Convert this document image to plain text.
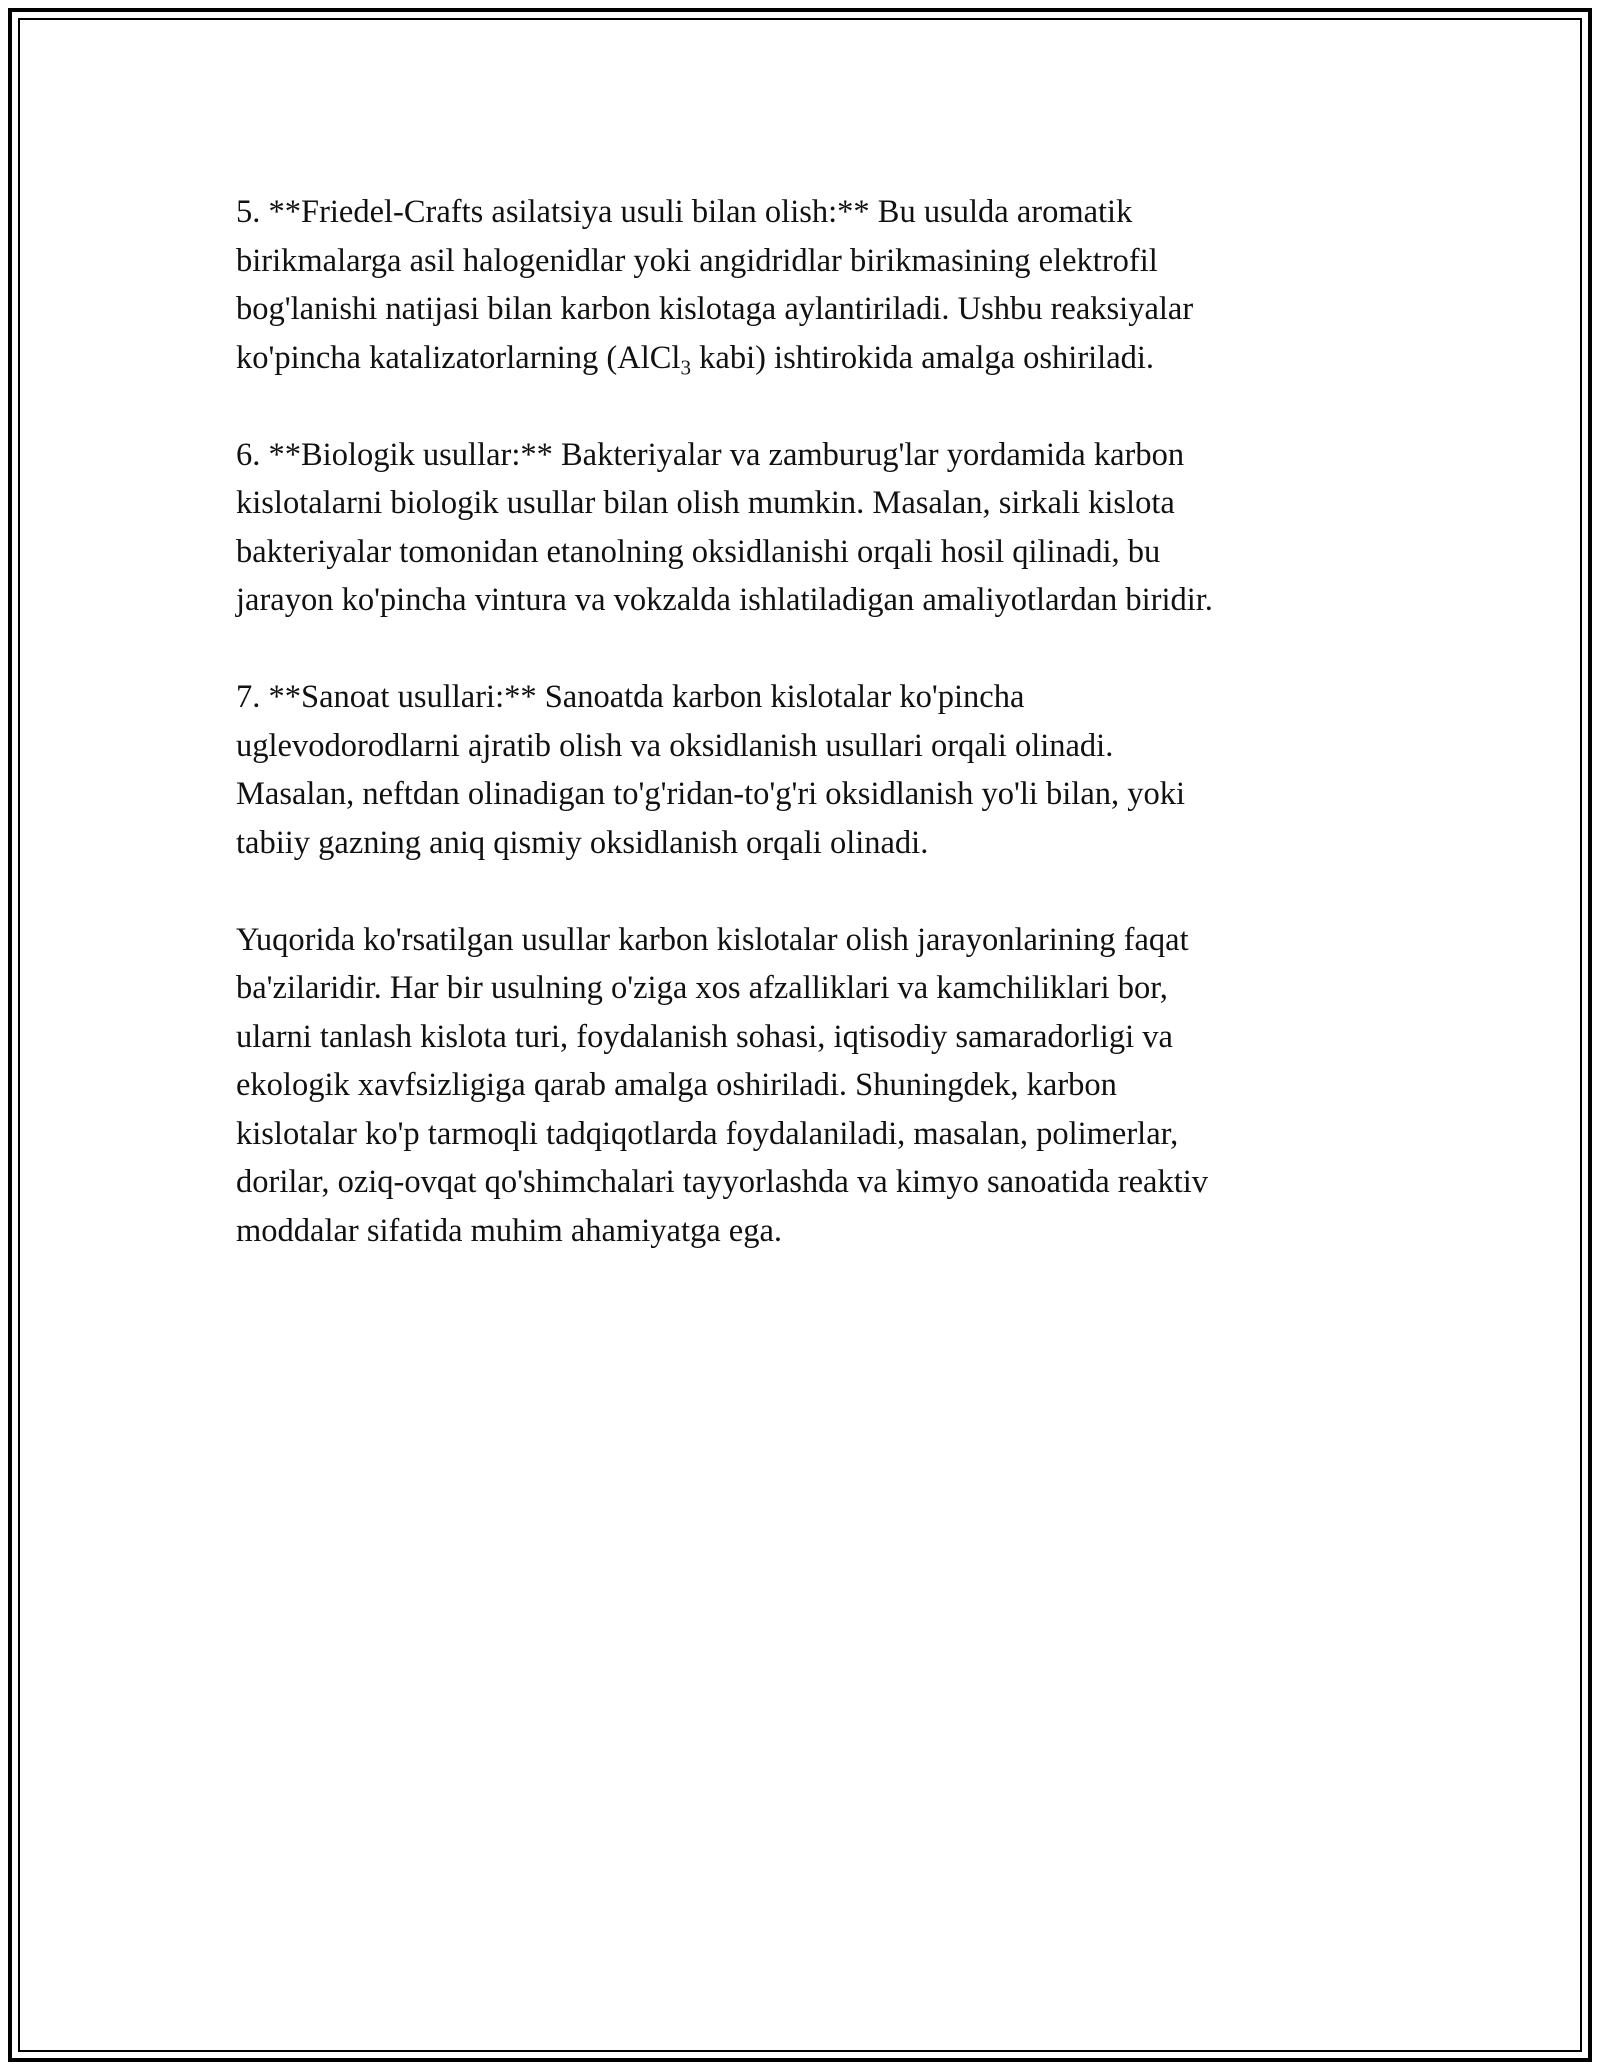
5. **Friedel-Crafts asilatsiya usuli bilan olish:** Bu usulda aromatik
birikmalarga asil halogenidlar yoki angidridlar birikmasining elektrofil
bog'lanishi natijasi bilan karbon kislotaga aylantiriladi. Ushbu reaksiyalar
ko'pincha katalizatorlarning (AlCl$_3$ kabi) ishtirokida amalga oshiriladi.

6. **Biologik usullar:** Bakteriyalar va zamburug'lar yordamida karbon
kislotalarni biologik usullar bilan olish mumkin. Masalan, sirkali kislota
bakteriyalar tomonidan etanolning oksidlanishi orqali hosil qilinadi, bu
jarayon ko'pincha vintura va vokzalda ishlatiladigan amaliyotlardan biridir.

7. **Sanoat usullari:** Sanoatda karbon kislotalar ko'pincha
uglevodorodlarni ajratib olish va oksidlanish usullari orqali olinadi.
Masalan, neftdan olinadigan to'g'ridan-to'g'ri oksidlanish yo'li bilan, yoki
tabiiy gazning aniq qismiy oksidlanish orqali olinadi.

Yuqorida ko'rsatilgan usullar karbon kislotalar olish jarayonlarining faqat
ba'zilaridir. Har bir usulning o'ziga xos afzalliklari va kamchiliklari bor,
ularni tanlash kislota turi, foydalanish sohasi, iqtisodiy samaradorligi va
ekologik xavfsizligiga qarab amalga oshiriladi. Shuningdek, karbon
kislotalar ko'p tarmoqli tadqiqotlarda foydalaniladi, masalan, polimerlar,
dorilar, oziq-ovqat qo'shimchalari tayyorlashda va kimyo sanoatida reaktiv
moddalar sifatida muhim ahamiyatga ega.
